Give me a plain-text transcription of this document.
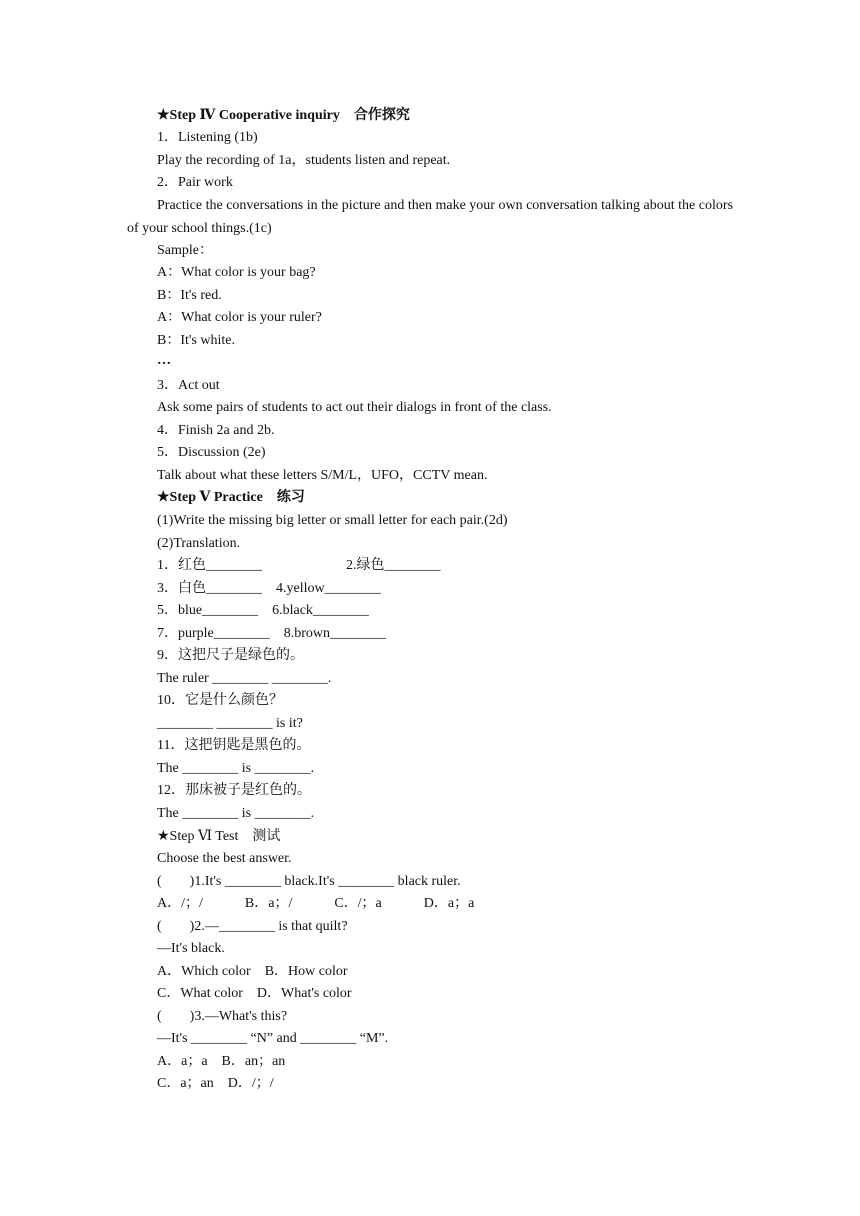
★Step Ⅳ Cooperative inquiry　合作探究
1．Listening (1b)
Play the recording of 1a，students listen and repeat.
2．Pair work
Practice the conversations in the picture and then make your own conversation talking about the colors of your school things.(1c)
Sample：
A：What color is your bag?
B：It's red.
A：What color is your ruler?
B：It's white.
…
3．Act out
Ask some pairs of students to act out their dialogs in front of the class.
4．Finish 2a and 2b.
5．Discussion (2e)
Talk about what these letters S/M/L，UFO，CCTV mean.
★Step Ⅴ Practice　练习
(1)Write the missing big letter or small letter for each pair.(2d)
(2)Translation.
1．红色________	2.绿色________
3．白色________　4.yellow________
5．blue________　6.black________
7．purple________　8.brown________
9．这把尺子是绿色的。
The ruler ________ ________.
10．它是什么颜色？
________ ________ is it?
11．这把钥匙是黑色的。
The ________ is ________.
12．那床被子是红色的。
The ________ is ________.
★Step Ⅵ Test　测试
Choose the best answer.
(　　)1.It's ________ black.It's ________ black ruler.
A．/；/　　　B．a；/　　　C．/；a　　　D．a；a
(　　)2.—________ is that quilt?
—It's black.
A．Which color　B．How color
C．What color　D．What's color
(　　)3.—What's this?
—It's ________ “N” and ________ “M”.
A．a；a　B．an；an
C．a；an　D．/；/
